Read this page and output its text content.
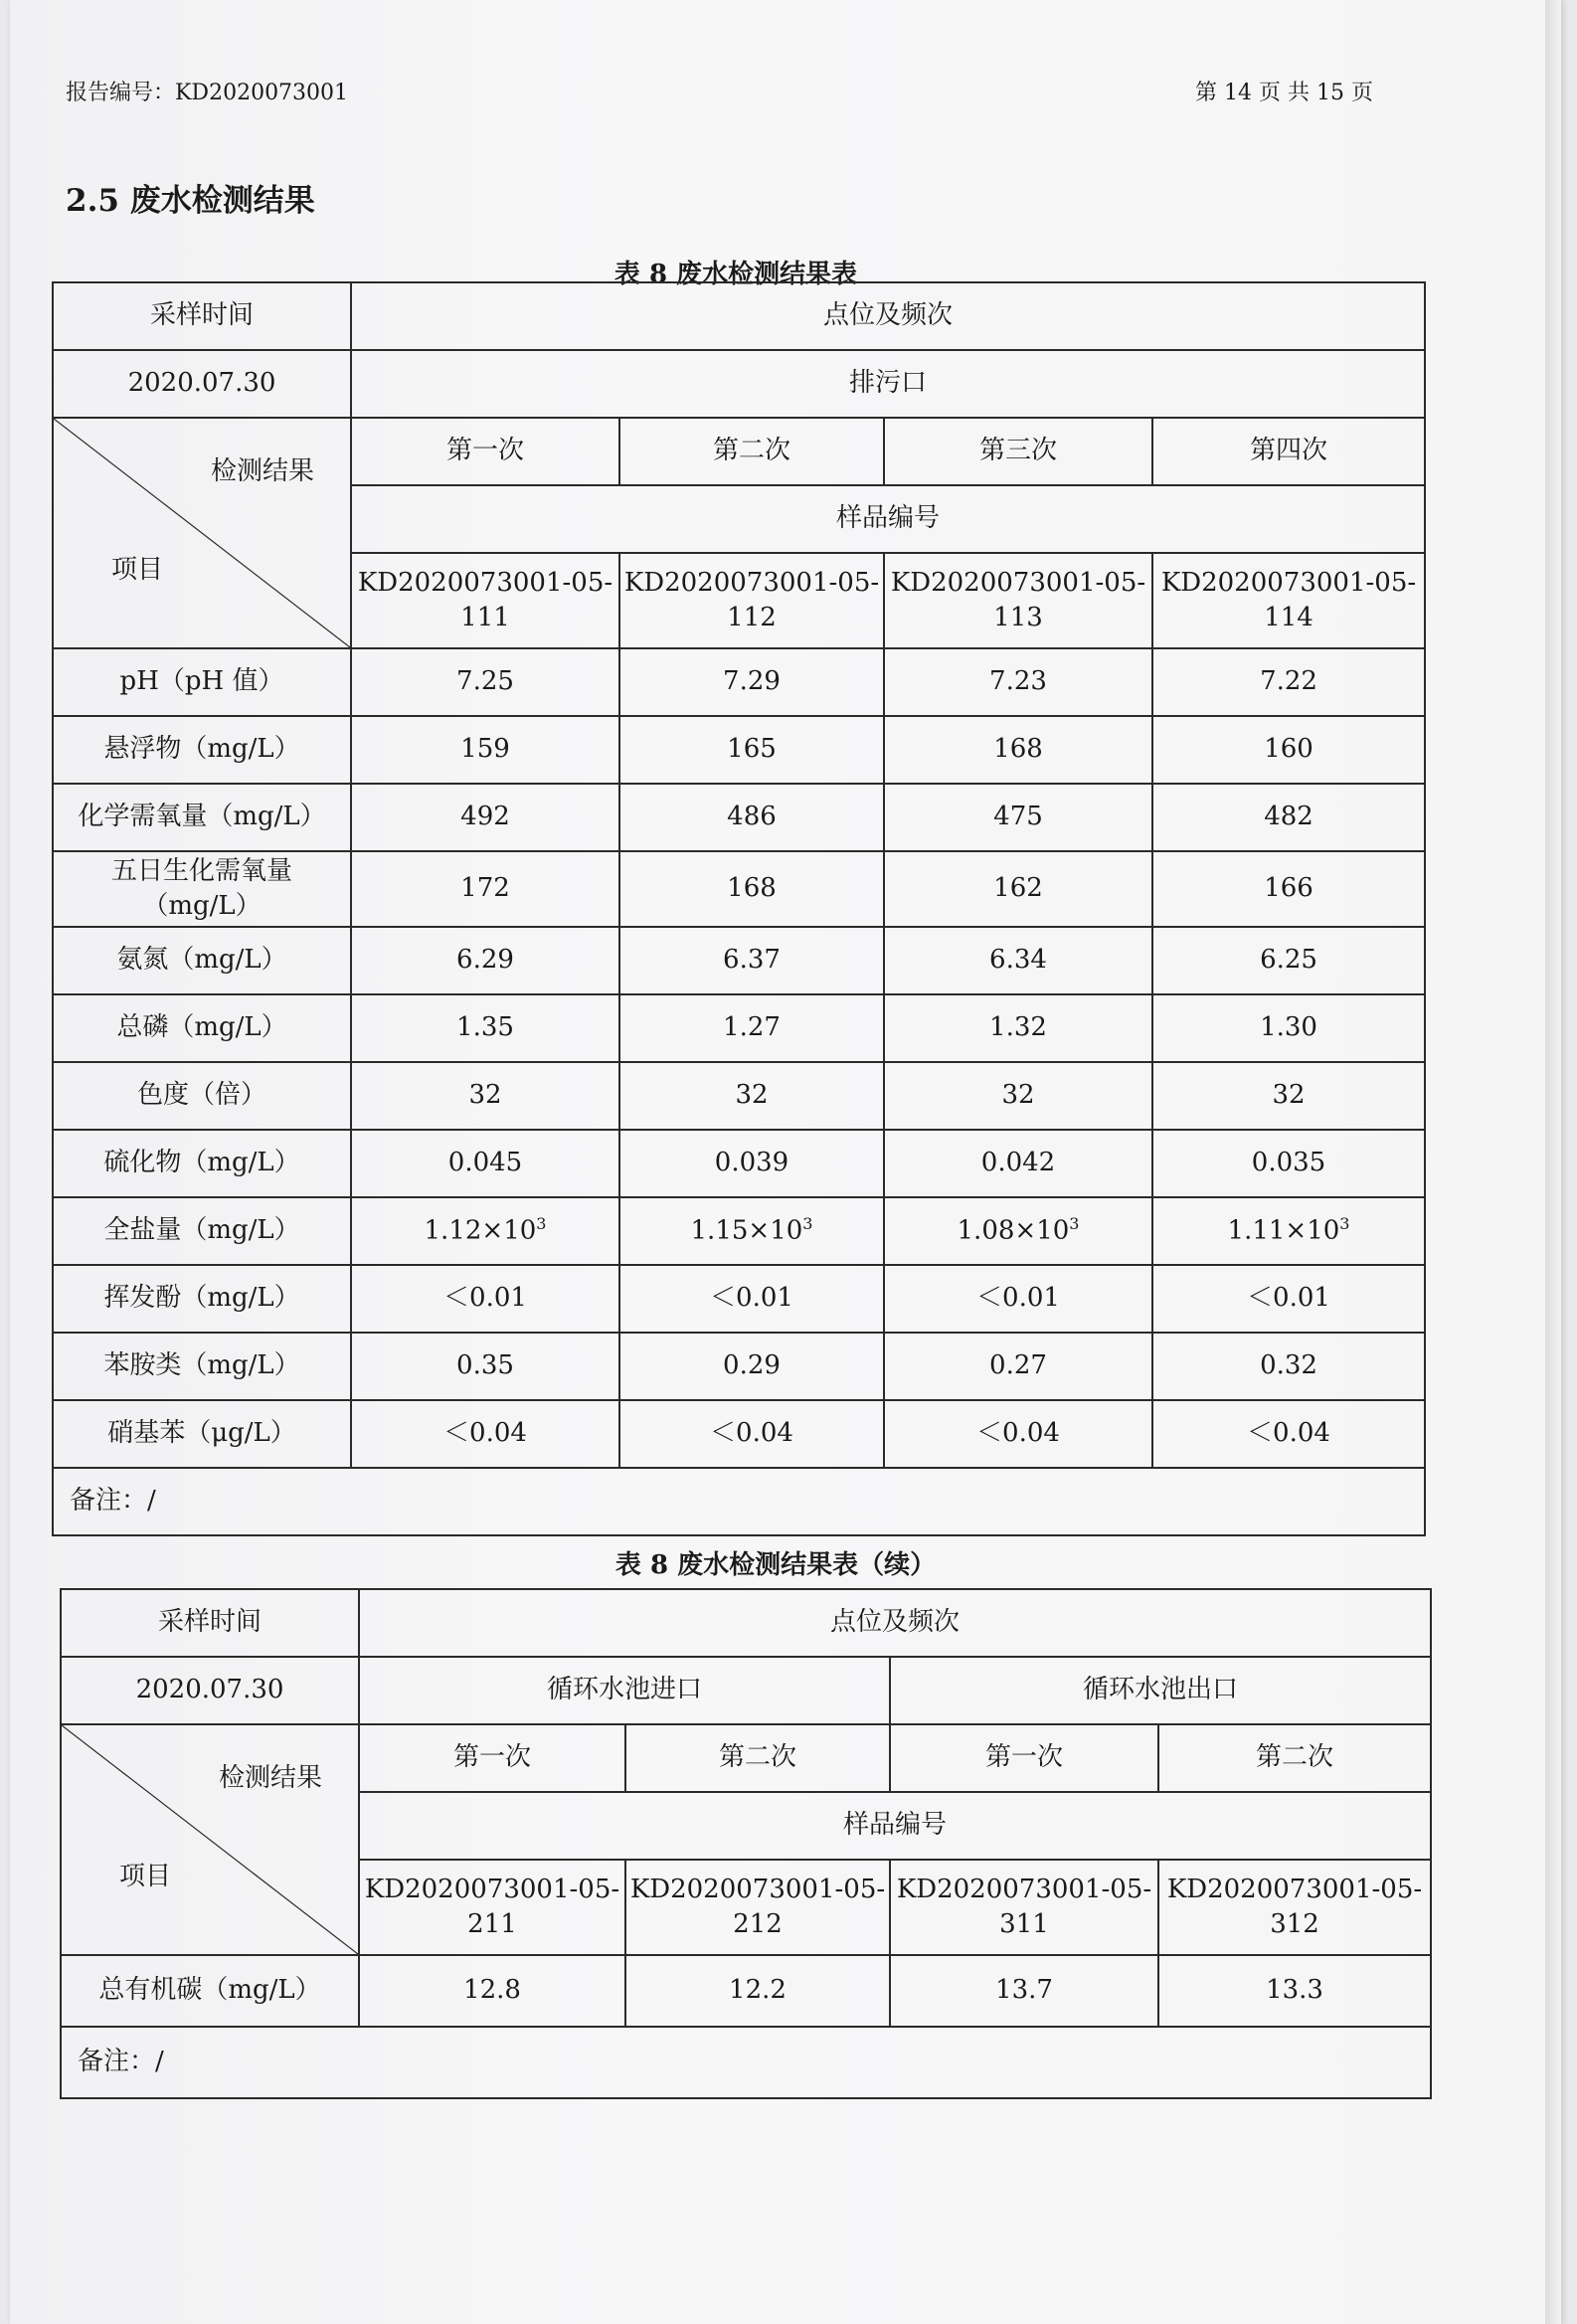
报告编号：KD2020073001	第 14 页 共 15 页
2.5 废水检测结果
表 8 废水检测结果表
采样时间	点位及频次			
2020.07.30	排污口			

检测结果
项目	第一次	第二次	第三次	第四次
	样品编号			
	KD2020073001-05-111	KD2020073001-05-112	KD2020073001-05-113	KD2020073001-05-114
pH（pH 值）	7.25	7.29	7.23	7.22
悬浮物（mg/L）	159	165	168	160
化学需氧量（mg/L）	492	486	475	482
五日生化需氧量（mg/L）	172	168	162	166
氨氮（mg/L）	6.29	6.37	6.34	6.25
总磷（mg/L）	1.35	1.27	1.32	1.30
色度（倍）	32	32	32	32
硫化物（mg/L）	0.045	0.039	0.042	0.035
全盐量（mg/L）	$1.12\times 10^3$	$1.15\times 10^3$	$1.08\times 10^3$	$1.11\times 10^3$
挥发酚（mg/L）	＜0.01	＜0.01	＜0.01	＜0.01
苯胺类（mg/L）	0.35	0.29	0.27	0.32
硝基苯（μg/L）	＜0.04	＜0.04	＜0.04	＜0.04
备注：/				
表 8 废水检测结果表（续）
采样时间	点位及频次			
2020.07.30	循环水池进口		循环水池出口	

检测结果
项目	第一次	第二次	第一次	第二次
	样品编号			
	KD2020073001-05-211	KD2020073001-05-212	KD2020073001-05-311	KD2020073001-05-312
总有机碳（mg/L）	12.8	12.2	13.7	13.3
备注：/				
